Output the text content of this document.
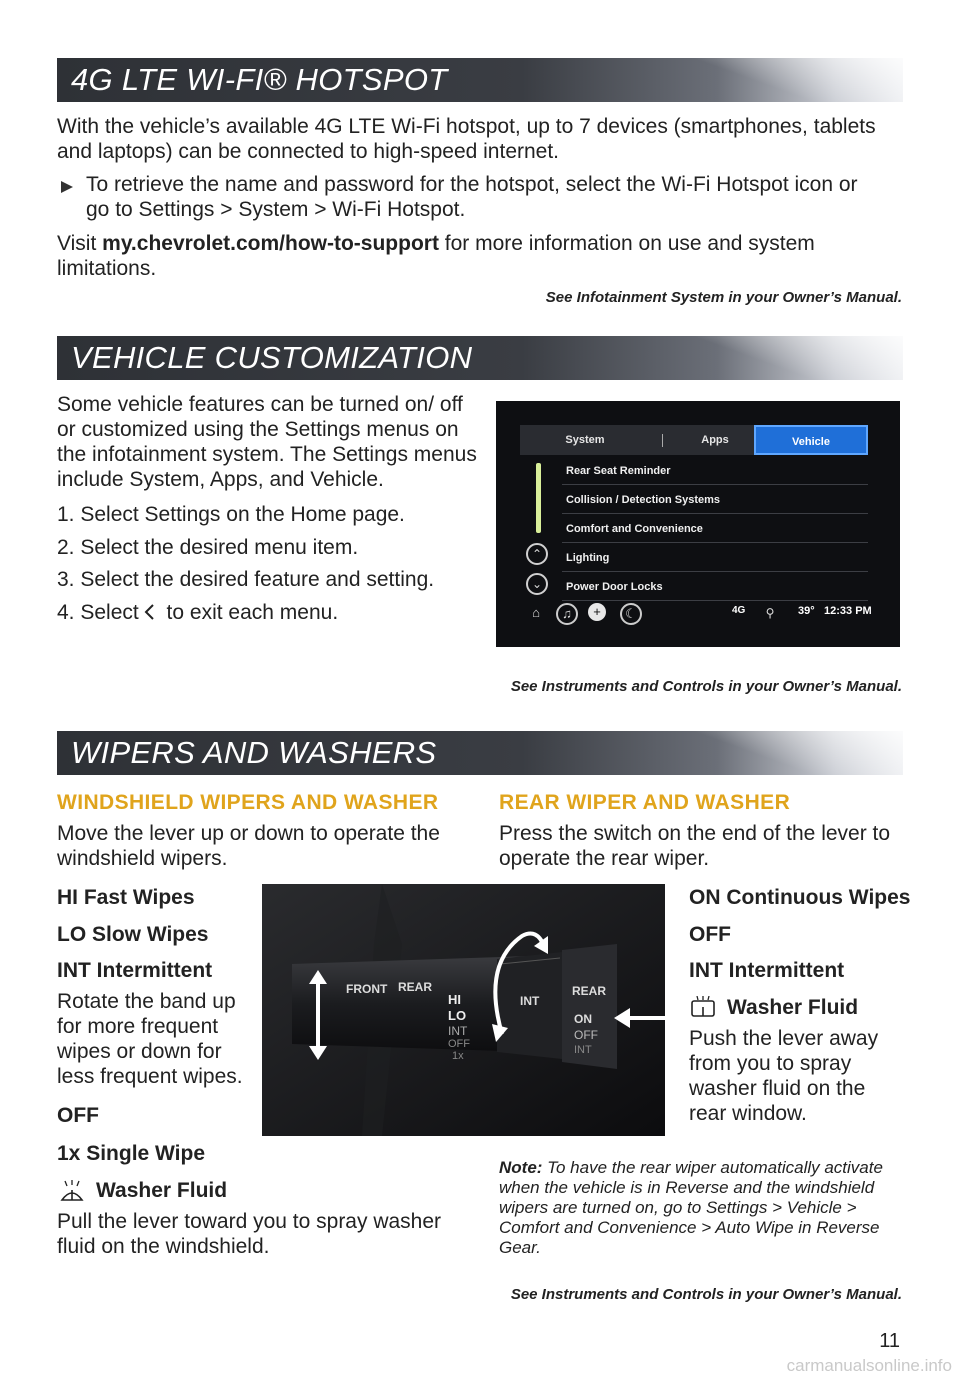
4G LTE WI-FI® HOTSPOT
With the vehicle’s available 4G LTE Wi-Fi hotspot, up to 7 devices (smartphones, tablets and laptops) can be connected to high-speed internet.
To retrieve the name and password for the hotspot, select the Wi-Fi Hotspot icon or go to Settings > System > Wi-Fi Hotspot.
Visit my.chevrolet.com/how-to-support for more information on use and system limitations.
See Infotainment System in your Owner’s Manual.
VEHICLE CUSTOMIZATION
Some vehicle features can be turned on/ off or customized using the Settings menus on the infotainment system. The Settings menus include System, Apps, and Vehicle.
1. Select Settings on the Home page.
2. Select the desired menu item.
3. Select the desired feature and setting.
4. Select to exit each menu.
System	Apps	Vehicle
Rear Seat Reminder
Collision / Detection Systems
Comfort and Convenience
Lighting
Power Door Locks
⌃
⌄
⌂	♫	+	☾	4G	⚲	39° 12:33 PM
See Instruments and Controls in your Owner’s Manual.
WIPERS AND WASHERS
WINDSHIELD WIPERS AND WASHER
Move the lever up or down to operate the windshield wipers.
REAR WIPER AND WASHER
Press the switch on the end of the lever to operate the rear wiper.
HI Fast Wipes
LO Slow Wipes
INT Intermittent
Rotate the band up for more frequent wipes or down for less frequent wipes.
OFF
1x Single Wipe
Washer Fluid
Pull the lever toward you to spray washer fluid on the windshield.
FRONT REAR
HI
LO
INT
OFF
1x
INT
REAR
ON
OFF
INT
ON Continuous Wipes
OFF
INT Intermittent
Washer Fluid
Push the lever away from you to spray washer fluid on the rear window.
Note: To have the rear wiper automatically activate when the vehicle is in Reverse and the windshield wipers are turned on, go to Settings > Vehicle > Comfort and Convenience > Auto Wipe in Reverse Gear.
See Instruments and Controls in your Owner’s Manual.
11
carmanualsonline.info
